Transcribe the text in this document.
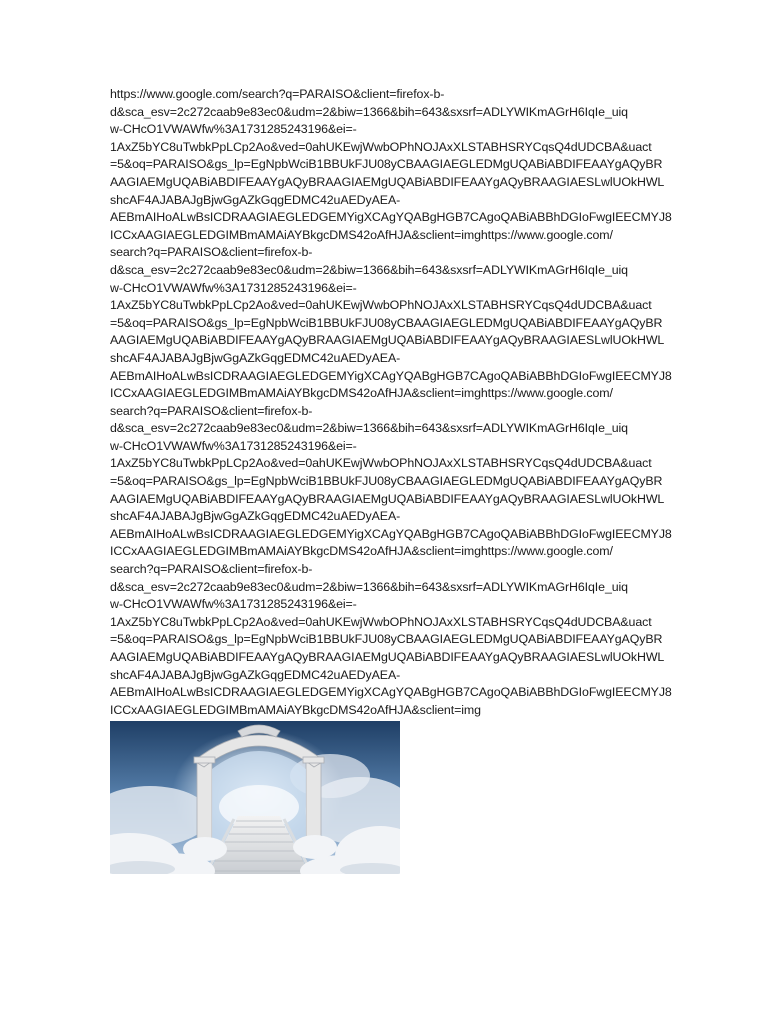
https://www.google.com/search?q=PARAISO&client=firefox-b-
d&sca_esv=2c272caab9e83ec0&udm=2&biw=1366&bih=643&sxsrf=ADLYWIKmAGrH6IqIe_uiq
w-CHcO1VWAWfw%3A1731285243196&ei=-
1AxZ5bYC8uTwbkPpLCp2Ao&ved=0ahUKEwjWwbOPhNOJAxXLSTABHSRYCqsQ4dUDCBA&uact
=5&oq=PARAISO&gs_lp=EgNpbWciB1BBUkFJU08yCBAAGIAEGLEDMgUQABiABDIFEAAYgAQyBR
AAGIAEMgUQABiABDIFEAAYgAQyBRAAGIAEMgUQABiABDIFEAAYgAQyBRAAGIAESLwlUOkHWL
shcAF4AJABAJgBjwGgAZkGqgEDMC42uAEDyAEA-
AEBmAIHoALwBsICDRAAGIAEGLEDGEMYigXCAgYQABgHGB7CAgoQABiABBhDGIoFwgIEECMYJ8
ICCxAAGIAEGLEDGIMBmAMAiAYBkgcDMS42oAfHJA&sclient=imghttps://www.google.com/
search?q=PARAISO&client=firefox-b-
d&sca_esv=2c272caab9e83ec0&udm=2&biw=1366&bih=643&sxsrf=ADLYWIKmAGrH6IqIe_uiq
w-CHcO1VWAWfw%3A1731285243196&ei=-
1AxZ5bYC8uTwbkPpLCp2Ao&ved=0ahUKEwjWwbOPhNOJAxXLSTABHSRYCqsQ4dUDCBA&uact
=5&oq=PARAISO&gs_lp=EgNpbWciB1BBUkFJU08yCBAAGIAEGLEDMgUQABiABDIFEAAYgAQyBR
AAGIAEMgUQABiABDIFEAAYgAQyBRAAGIAEMgUQABiABDIFEAAYgAQyBRAAGIAESLwlUOkHWL
shcAF4AJABAJgBjwGgAZkGqgEDMC42uAEDyAEA-
AEBmAIHoALwBsICDRAAGIAEGLEDGEMYigXCAgYQABgHGB7CAgoQABiABBhDGIoFwgIEECMYJ8
ICCxAAGIAEGLEDGIMBmAMAiAYBkgcDMS42oAfHJA&sclient=imghttps://www.google.com/
search?q=PARAISO&client=firefox-b-
d&sca_esv=2c272caab9e83ec0&udm=2&biw=1366&bih=643&sxsrf=ADLYWIKmAGrH6IqIe_uiq
w-CHcO1VWAWfw%3A1731285243196&ei=-
1AxZ5bYC8uTwbkPpLCp2Ao&ved=0ahUKEwjWwbOPhNOJAxXLSTABHSRYCqsQ4dUDCBA&uact
=5&oq=PARAISO&gs_lp=EgNpbWciB1BBUkFJU08yCBAAGIAEGLEDMgUQABiABDIFEAAYgAQyBR
AAGIAEMgUQABiABDIFEAAYgAQyBRAAGIAEMgUQABiABDIFEAAYgAQyBRAAGIAESLwlUOkHWL
shcAF4AJABAJgBjwGgAZkGqgEDMC42uAEDyAEA-
AEBmAIHoALwBsICDRAAGIAEGLEDGEMYigXCAgYQABgHGB7CAgoQABiABBhDGIoFwgIEECMYJ8
ICCxAAGIAEGLEDGIMBmAMAiAYBkgcDMS42oAfHJA&sclient=imghttps://www.google.com/
search?q=PARAISO&client=firefox-b-
d&sca_esv=2c272caab9e83ec0&udm=2&biw=1366&bih=643&sxsrf=ADLYWIKmAGrH6IqIe_uiq
w-CHcO1VWAWfw%3A1731285243196&ei=-
1AxZ5bYC8uTwbkPpLCp2Ao&ved=0ahUKEwjWwbOPhNOJAxXLSTABHSRYCqsQ4dUDCBA&uact
=5&oq=PARAISO&gs_lp=EgNpbWciB1BBUkFJU08yCBAAGIAEGLEDMgUQABiABDIFEAAYgAQyBR
AAGIAEMgUQABiABDIFEAAYgAQyBRAAGIAEMgUQABiABDIFEAAYgAQyBRAAGIAESLwlUOkHWL
shcAF4AJABAJgBjwGgAZkGqgEDMC42uAEDyAEA-
AEBmAIHoALwBsICDRAAGIAEGLEDGEMYigXCAgYQABgHGB7CAgoQABiABBhDGIoFwgIEECMYJ8
ICCxAAGIAEGLEDGIMBmAMAiAYBkgcDMS42oAfHJA&sclient=img
